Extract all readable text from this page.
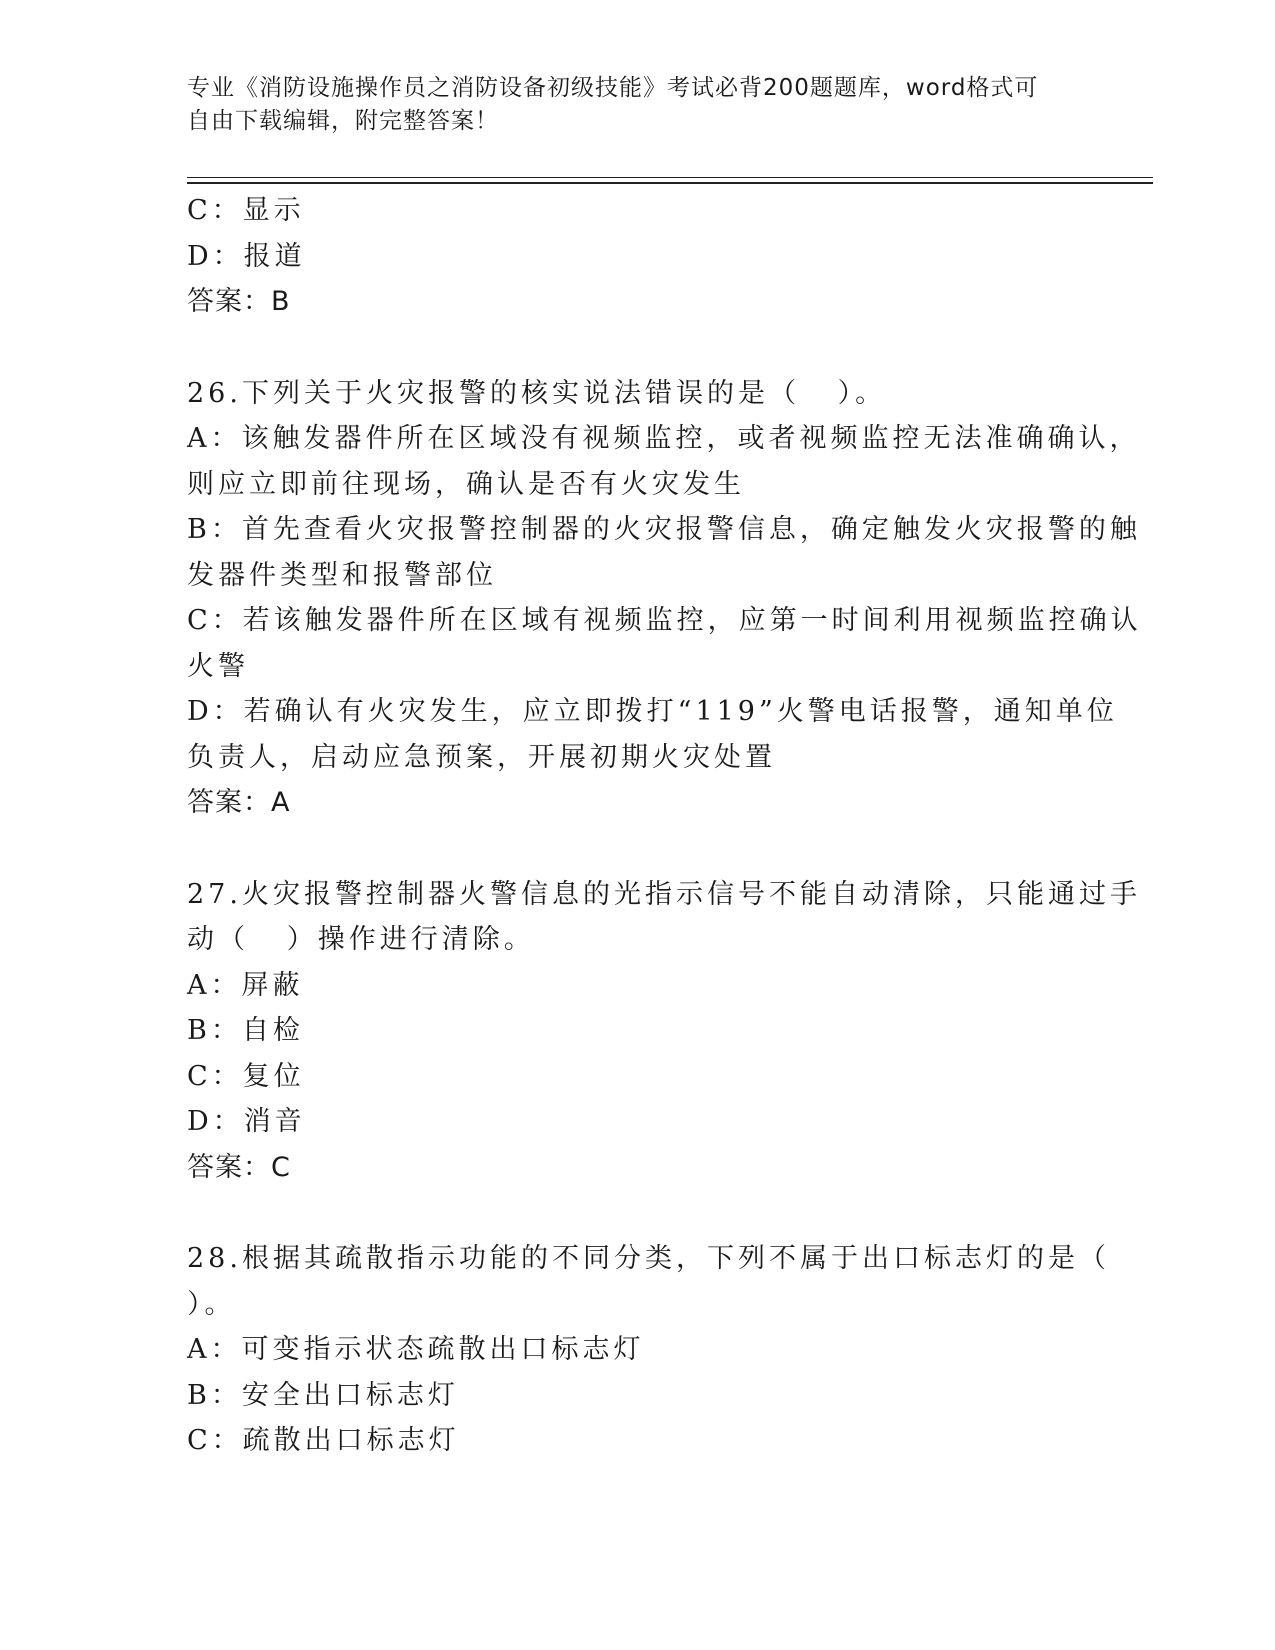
专业《消防设施操作员之消防设备初级技能》考试必背200题题库，word格式可
自由下载编辑，附完整答案！
C：显示
D：报道
答案：B
26.下列关于火灾报警的核实说法错误的是（   ）。
A：该触发器件所在区域没有视频监控，或者视频监控无法准确确认，
则应立即前往现场，确认是否有火灾发生
B：首先查看火灾报警控制器的火灾报警信息，确定触发火灾报警的触
发器件类型和报警部位
C：若该触发器件所在区域有视频监控，应第一时间利用视频监控确认
火警
D：若确认有火灾发生，应立即拨打“119”火警电话报警，通知单位
负责人，启动应急预案，开展初期火灾处置
答案：A
27.火灾报警控制器火警信息的光指示信号不能自动清除，只能通过手
动（   ）操作进行清除。
A：屏蔽
B：自检
C：复位
D：消音
答案：C
28.根据其疏散指示功能的不同分类，下列不属于出口标志灯的是（
）。
A：可变指示状态疏散出口标志灯
B：安全出口标志灯
C：疏散出口标志灯
